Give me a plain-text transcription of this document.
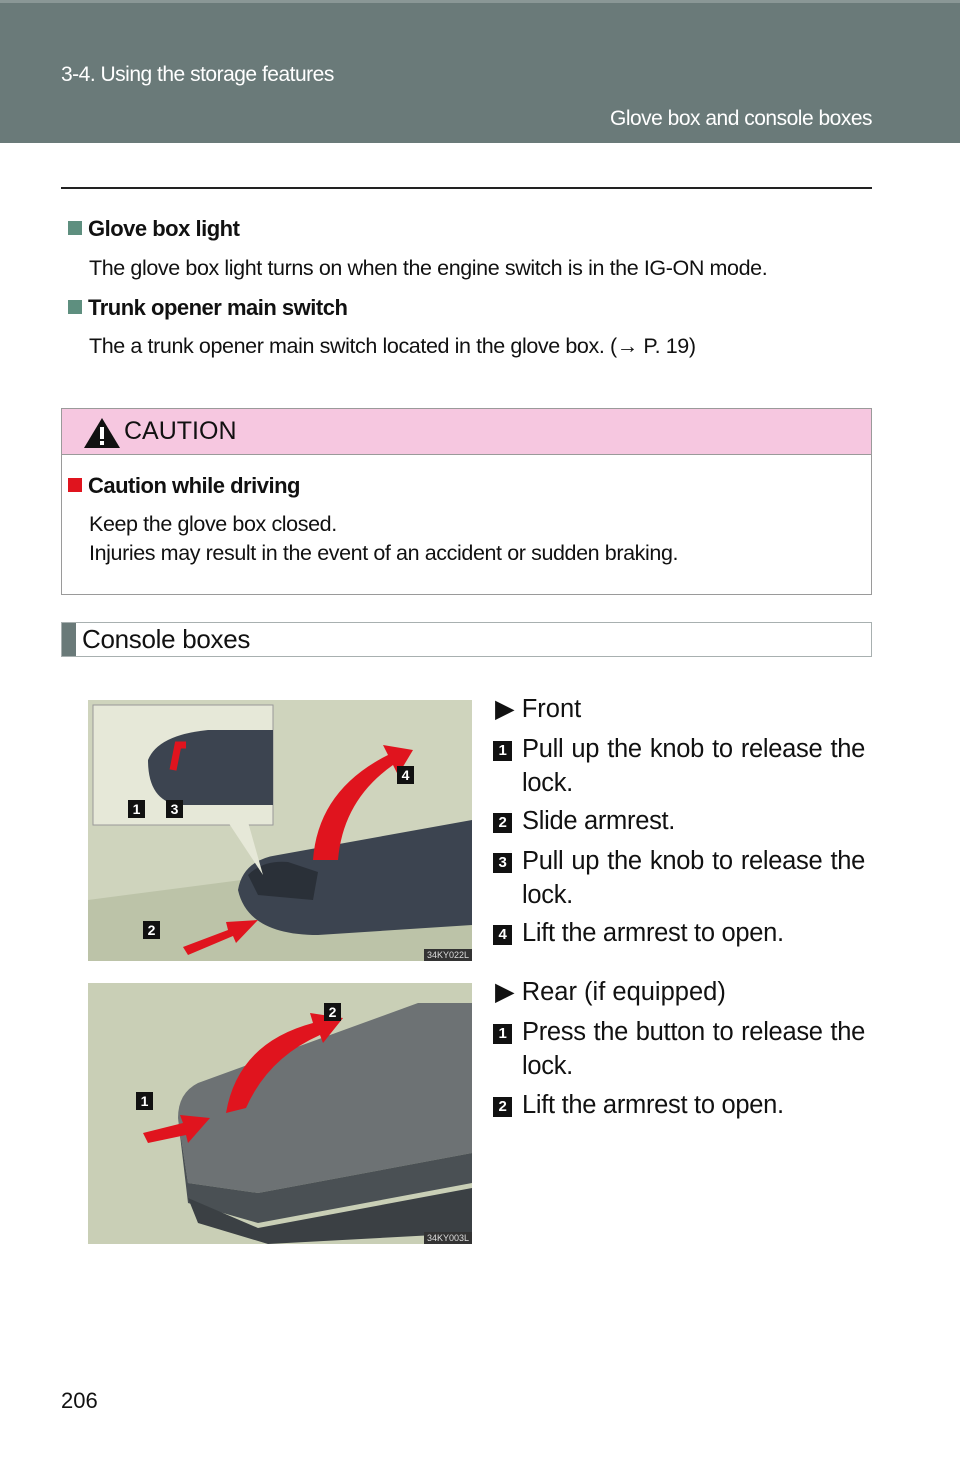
3-4. Using the storage features
Glove box and console boxes
Glove box light
The glove box light turns on when the engine switch is in the IG-ON mode.
Trunk opener main switch
The a trunk opener main switch located in the glove box. (→ P. 19)
CAUTION
Caution while driving
Keep the glove box closed.
Injuries may result in the event of an accident or sudden braking.
Console boxes
1	3
4
2
34KY022L
2
1
34KY003L
▶ Front
1 Pull up the knob to release the lock.
2 Slide armrest.
3 Pull up the knob to release the lock.
4 Lift the armrest to open.
▶ Rear (if equipped)
1 Press the button to release the lock.
2 Lift the armrest to open.
206
